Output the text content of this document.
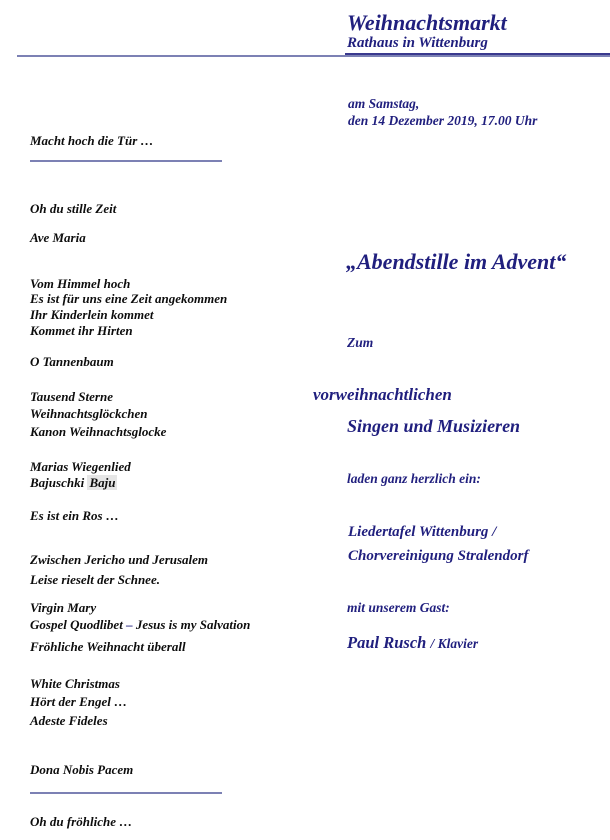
Weihnachtsmarkt
Rathaus in Wittenburg
am Samstag,
den 14 Dezember 2019, 17.00 Uhr
„Abendstille im Advent“
Zum
vorweihnachtlichen
Singen und Musizieren
laden ganz herzlich ein:
Liedertafel Wittenburg /
Chorvereinigung Stralendorf
mit unserem Gast:
Paul Rusch / Klavier
Macht hoch die Tür …
Oh du stille Zeit
Ave Maria
Vom Himmel hoch
Es ist für uns eine Zeit angekommen
Ihr Kinderlein kommet
Kommet ihr Hirten
O Tannenbaum
Tausend Sterne
Weihnachtsglöckchen
Kanon Weihnachtsglocke
Marias Wiegenlied
Bajuschki Baju
Es ist ein Ros …
Zwischen Jericho und Jerusalem
Leise rieselt der Schnee.
Virgin Mary
Gospel Quodlibet – Jesus is my Salvation
Fröhliche Weihnacht überall
White Christmas
Hört der Engel …
Adeste Fideles
Dona Nobis Pacem
Oh du fröhliche …
